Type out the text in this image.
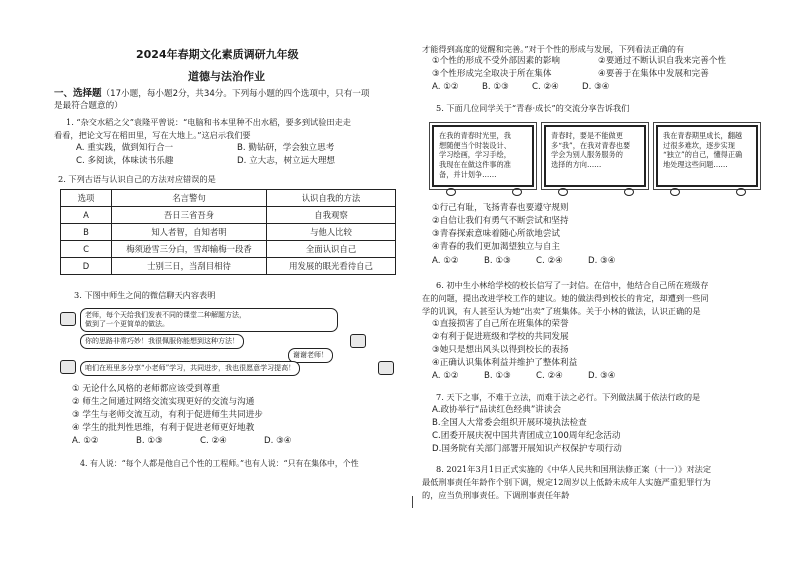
2024年春期文化素质调研九年级
道德与法治作业
一、选择题（17小题，每小题2分，共34分。下列每小题的四个选项中，只有一项
是最符合题意的）
1. “杂交水稻之父”袁隆平曾说：“电脑和书本里种不出水稻，要多到试验田走走
看看，把论文写在稻田里，写在大地上。”这启示我们要
A. 重实践，做到知行合一	B. 勤钻研，学会独立思考
C. 多阅读，体味读书乐趣	D. 立大志，树立远大理想
2. 下列古语与认识自己的方法对应错误的是
选项	名言警句	认识自我的方法
A	吾日三省吾身	自我观察
B	知人者智，自知者明	与他人比较
C	梅须逊雪三分白，雪却输梅一段香	全面认识自己
D	士别三日，当刮目相待	用发展的眼光看待自己
3. 下图中师生之间的微信聊天内容表明
老师，每个天给我们发表不同的课堂二种解题方法，
做到了一个更简单的做法。
你的思路非常巧妙！我很佩服你能想到这种方法！
谢谢老师！
咱们在班里多分享“小老师”学习，共同进步，我也很愿意学习提高！
① 无论什么风格的老师都应该受到尊重
② 师生之间通过网络交流实现更好的交流与沟通
③ 学生与老师交流互动，有利于促进师生共同进步
④ 学生的批判性思维，有利于促进老师更好地教
A. ①②	B. ①③	C. ②④	D. ③④
4. 有人说：“每个人都是他自己个性的工程师。”也有人说：“只有在集体中，个性
才能得到高度的觉醒和完善。”对于个性的形成与发展，下列看法正确的有
①个性的形成不受外部因素的影响	②要通过不断认识自我来完善个性
③个性形成完全取决于所在集体	④要善于在集体中发展和完善
A. ①②	B. ①③	C. ②④	D. ③④
5. 下面几位同学关于“青春·成长”的交流分享告诉我们
在我的青春时光里，我
想随便当个时装设计、
学习绘画，学习手绘，
我现在在做这件事的准
备，并计划争……
青春时，要是不能做更
多“我”，在我对青春也要
学会为别人服务服务的
选择的方向……
我在青春期里成长，翻越
过很多难坎，逐步实现
“独立”的自己，懂得正确
地处理这些问题……
①行己有耻，飞扬青春也要遵守规则
②自信让我们有勇气不断尝试和坚持
③青春探索意味着随心所欲地尝试
④青春的我们更加渴望独立与自主
A. ①②	B. ①③	C. ②④	D. ③④
6. 初中生小林给学校的校长信写了一封信。在信中，他结合自己所在班级存
在的问题，提出改进学校工作的建议。她的做法得到校长的肯定，却遭到一些同
学的讥讽，有人甚至认为她“出卖”了班集体。关于小林的做法，认识正确的是
①直接损害了自己所在班集体的荣誉
②有利于促进班级和学校的共同发展
③她只是想出风头以得到校长的表扬
④正确认识集体利益并维护了整体利益
A. ①②	B. ①③	C. ②④	D. ③④
7. 天下之事，不难于立法，而难于法之必行。下列做法属于依法行政的是
A.政协举行“品读红色经典”讲读会
B.全国人大常委会组织开展环境执法检查
C.团委开展庆祝中国共青团成立100周年纪念活动
D.国务院有关部门部署开展知识产权保护专项行动
8. 2021年3月1日正式实施的《中华人民共和国刑法修正案（十一）》对法定
最低刑事责任年龄作个别下调，规定12周岁以上低龄未成年人实施严重犯罪行为
的，应当负刑事责任。下调刑事责任年龄
